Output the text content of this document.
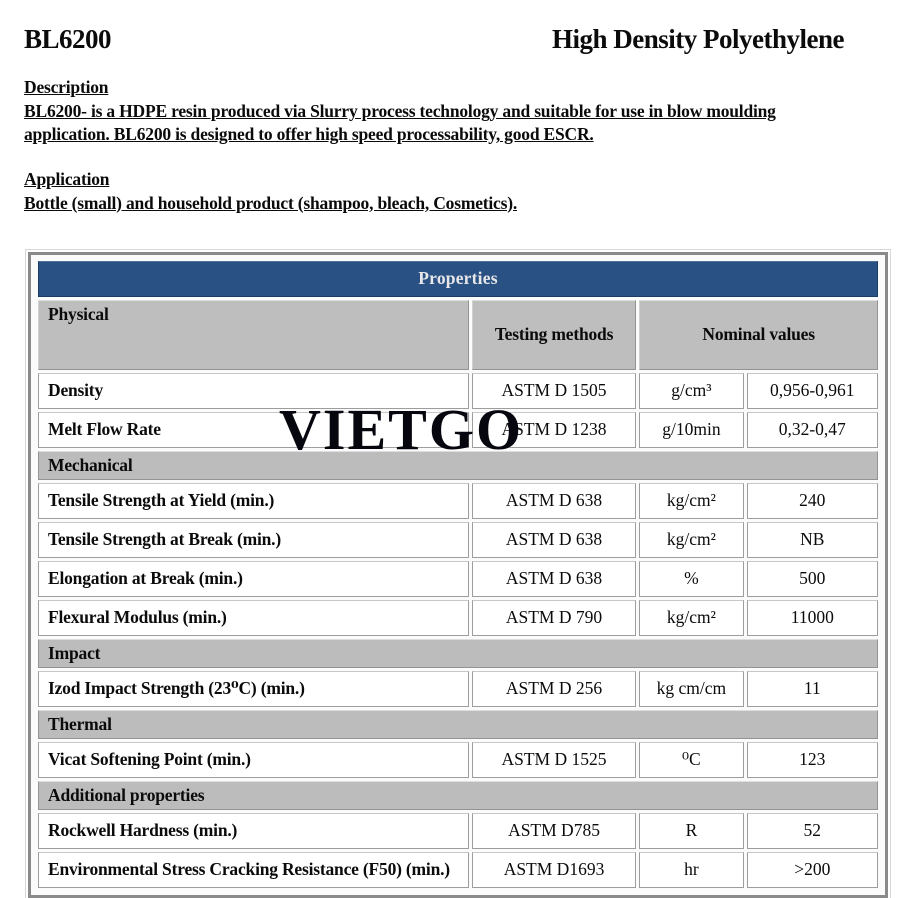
BL6200	High Density Polyethylene
Description

BL6200- is a HDPE resin produced via Slurry process technology and suitable for use in blow moulding application. BL6200 is designed to offer high speed processability, good ESCR.

Application

Bottle (small) and household product (shampoo, bleach, Cosmetics).

Properties			
Physical	Testing methods	Nominal values	
Density	ASTM D 1505	g/cm³	0,956-0,961
Melt Flow Rate	ASTM D 1238	g/10min	0,32-0,47
Mechanical			
Tensile Strength at Yield (min.)	ASTM D 638	kg/cm²	240
Tensile Strength at Break (min.)	ASTM D 638	kg/cm²	NB
Elongation at Break (min.)	ASTM D 638	%	500
Flexural Modulus (min.)	ASTM D 790	kg/cm²	11000
Impact			
Izod Impact Strength (23⁰C) (min.)	ASTM D 256	kg cm/cm	11
Thermal			
Vicat Softening Point (min.)	ASTM D 1525	⁰C	123
Additional properties			
Rockwell Hardness (min.)	ASTM D785	R	52
Environmental Stress Cracking Resistance (F50) (min.)	ASTM D1693	hr	>200
VIETGO
